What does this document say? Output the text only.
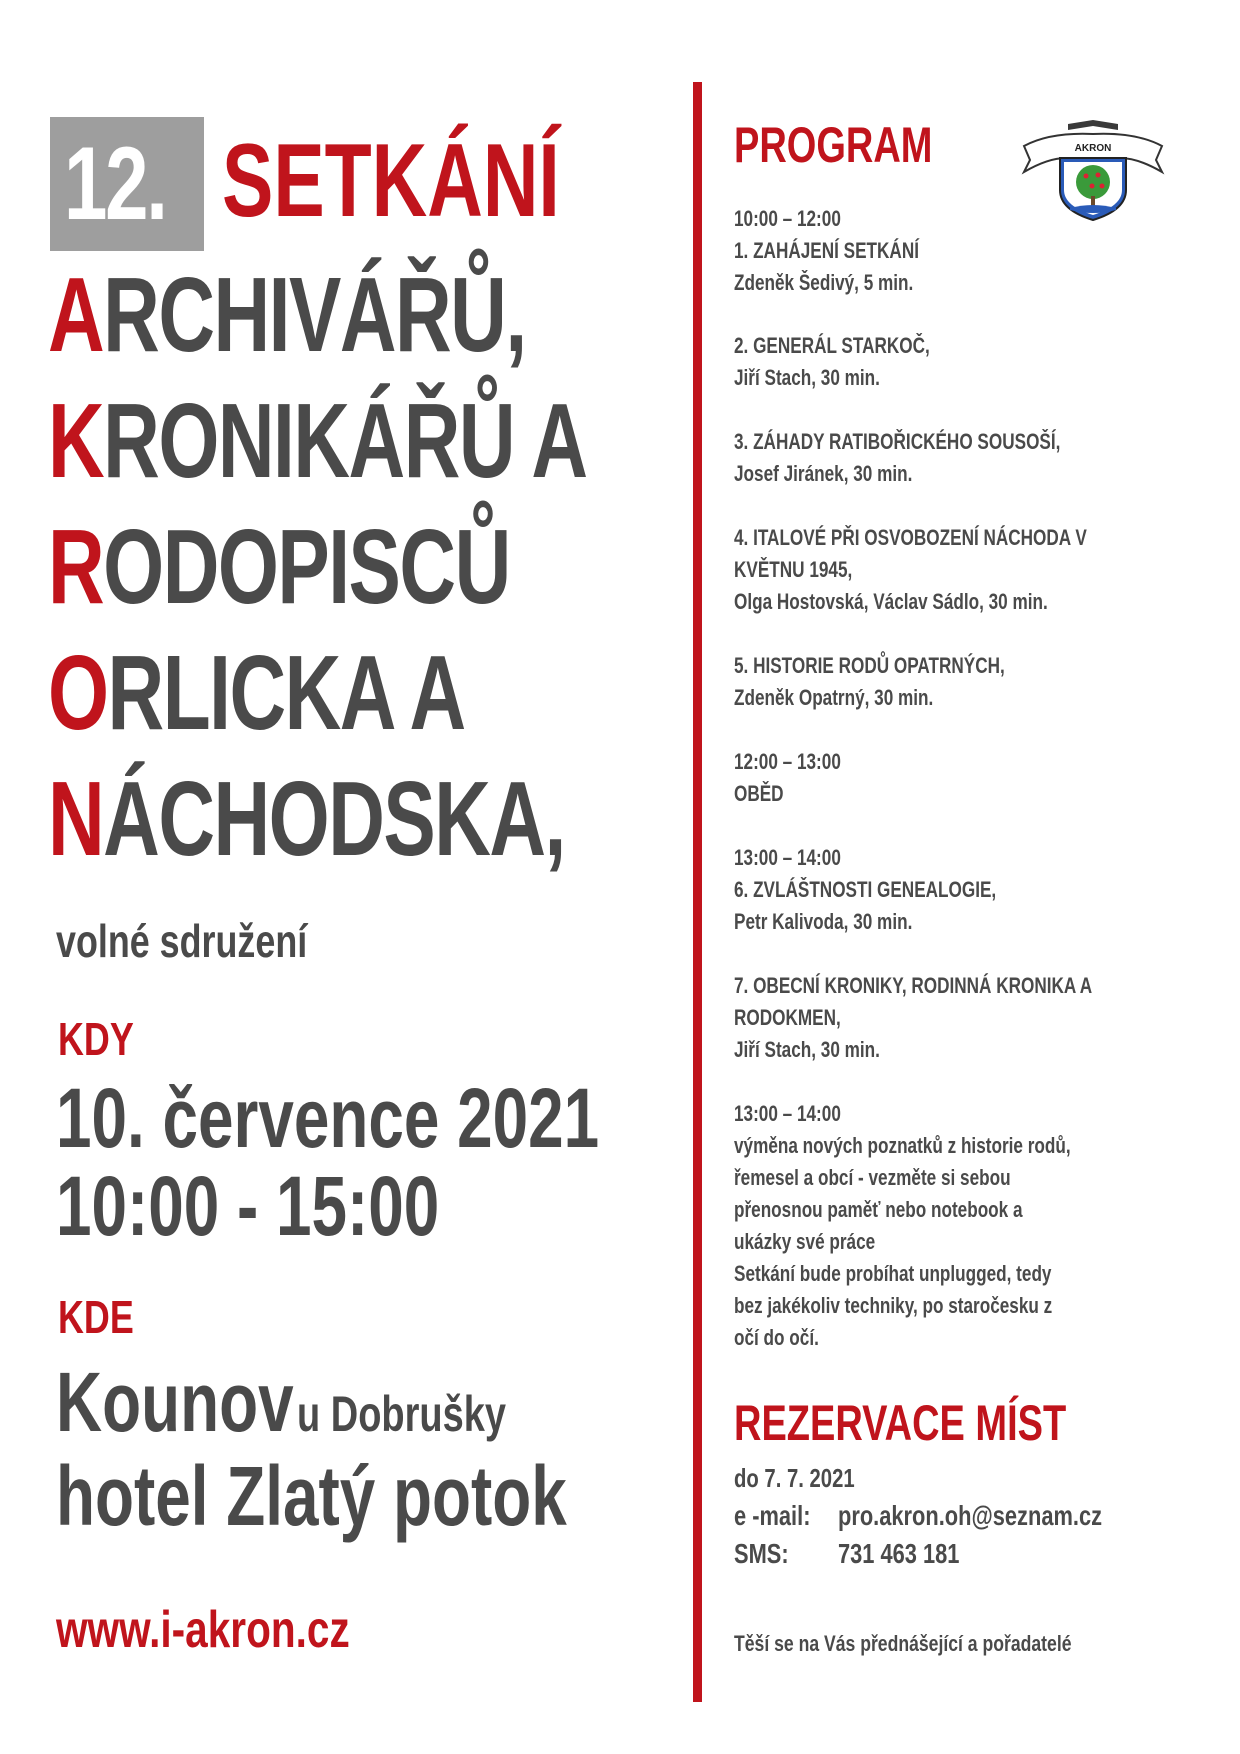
12. SETKÁNÍ
ARCHIVÁŘŮ,
KRONIKÁŘŮ A
RODOPISCŮ
ORLICKA A
NÁCHODSKA,
volné sdružení
KDY
10. července 2021
10:00 - 15:00
KDE
Kounov u Dobrušky
hotel Zlatý potok
www.i-akron.cz
PROGRAM	AKRON
10:00 – 12:00
1. ZAHÁJENÍ SETKÁNÍ
Zdeněk Šedivý, 5 min.
2. GENERÁL STARKOČ,
Jiří Stach, 30 min.
3. ZÁHADY RATIBOŘICKÉHO SOUSOŠÍ,
Josef Jiránek, 30 min.
4. ITALOVÉ PŘI OSVOBOZENÍ NÁCHODA V
KVĚTNU 1945,
Olga Hostovská, Václav Sádlo, 30 min.
5. HISTORIE RODŮ OPATRNÝCH,
Zdeněk Opatrný, 30 min.
12:00 – 13:00
OBĚD
13:00 – 14:00
6. ZVLÁŠTNOSTI GENEALOGIE,
Petr Kalivoda, 30 min.
7. OBECNÍ KRONIKY, RODINNÁ KRONIKA A
RODOKMEN,
Jiří Stach, 30 min.
13:00 – 14:00
výměna nových poznatků z historie rodů,
řemesel a obcí - vezměte si sebou
přenosnou paměť nebo notebook a
ukázky své práce
Setkání bude probíhat unplugged, tedy
bez jakékoliv techniky, po staročesku z
očí do očí.
REZERVACE MÍST
do 7. 7. 2021
e -mail: pro.akron.oh@seznam.cz
SMS:	731 463 181
Těší se na Vás přednášející a pořadatelé
